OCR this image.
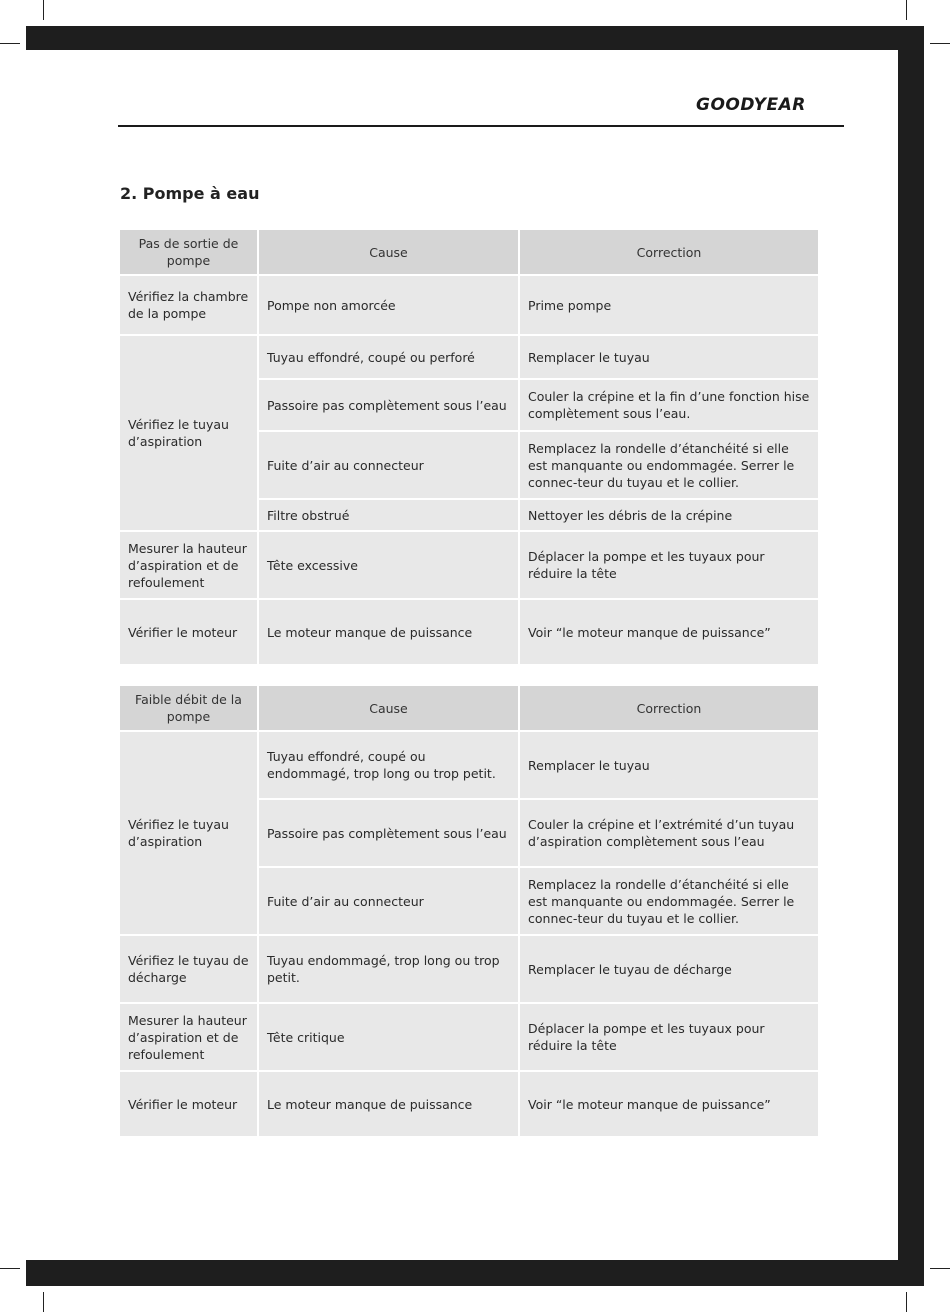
GOODYEAR
2. Pompe à eau
Pas de sortie de pompe	Cause	Correction
Vérifiez la chambre de la pompe	Pompe non amorcée	Prime pompe
Vérifiez le tuyau d’aspiration	Tuyau effondré, coupé ou perforé	Remplacer le tuyau
	Passoire pas complètement sous l’eau	Couler la crépine et la fin d’une fonction hise complètement sous l’eau.
	Fuite d’air au connecteur	Remplacez la rondelle d’étanchéité si elle est manquante ou endommagée. Serrer le connec-teur du tuyau et le collier.
	Filtre obstrué	Nettoyer les débris de la crépine
Mesurer la hauteur d’aspiration et de refoulement	Tête excessive	Déplacer la pompe et les tuyaux pour réduire la tête
Vérifier le moteur	Le moteur manque de puissance	Voir “le moteur manque de puissance”
Faible débit de la pompe	Cause	Correction
Vérifiez le tuyau d’aspiration	Tuyau effondré, coupé ou endommagé, trop long ou trop petit.	Remplacer le tuyau
	Passoire pas complètement sous l’eau	Couler la crépine et l’extrémité d’un tuyau d’aspiration complètement sous l’eau
	Fuite d’air au connecteur	Remplacez la rondelle d’étanchéité si elle est manquante ou endommagée. Serrer le connec-teur du tuyau et le collier.
Vérifiez le tuyau de décharge	Tuyau endommagé, trop long ou trop petit.	Remplacer le tuyau de décharge
Mesurer la hauteur d’aspiration et de refoulement	Tête critique	Déplacer la pompe et les tuyaux pour réduire la tête
Vérifier le moteur	Le moteur manque de puissance	Voir “le moteur manque de puissance”
